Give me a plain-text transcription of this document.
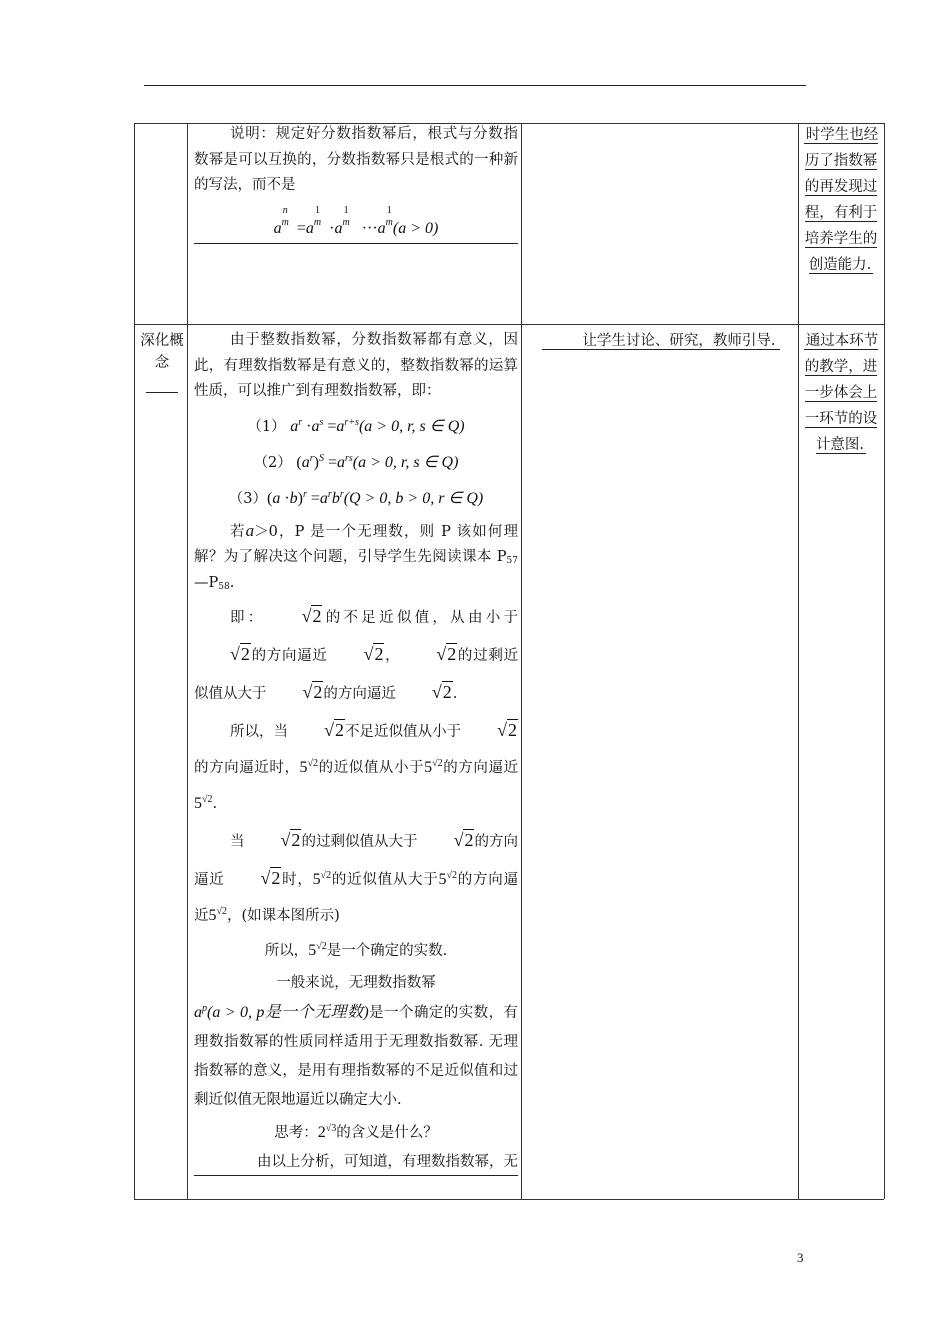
说明：规定好分数指数幂后，根式与分数指数幂是可以互换的，分数指数幂只是根式的一种新的写法，而不是

a
n
m =a
1
m ·a
1
m ···a
1
m (a > 0)
时学生也经历了指数幂的再发现过程，有利于培养学生的创造能力.
深化概念
让学生讨论、研究，教师引导.	通过本环节的教学，进一步体会上一环节的设计意图.

由于整数指数幂，分数指数幂都有意义，因此，有理数指数幂是有意义的，整数指数幂的运算性质，可以推广到有理数指数幂，即：

（1） $a^r \cdot a^s =a^{r+s}(a > 0$, r, s ∈ Q)

（2） $(a^r)^S =a^{rs}(a > 0$, r, s ∈ Q)

$(3)(a \cdot b)^r =a^rb^r(Q > 0$, b > 0, r ∈ Q)

若a＞0，P 是一个无理数，则 P 该如何理解？为了解决这个问题，引导学生先阅读课本 $P_{57}—P_{58}$.

即： √2的不足近似值，从由小于√2的方向逼近 √2， √2的过剩近似值从大于 √2的方向逼近 √2.

所以，当 √2不足近似值从小于 √2的方向逼近时，$5^{√2}$的近似值从小于$5^{√2}$的方向逼近$5^{√2}$.

当 √2的过剩似值从大于 √2的方向逼近 √2时，$5^{√2}$的近似值从大于$5^{√2}$的方向逼近$5^{√2}$，(如课本图所示)

所以，$5^{√2}$是一个确定的实数.

一般来说，无理数指数幂

$a^p(a > 0$, p是一个无理数)是一个确定的实数，有理数指数幂的性质同样适用于无理数指数幂. 无理指数幂的意义，是用有理指数幂的不足近似值和过剩近似值无限地逼近以确定大小.

思考：$2^{√3}$的含义是什么？

由以上分析，可知道，有理数指数幂，无

3
